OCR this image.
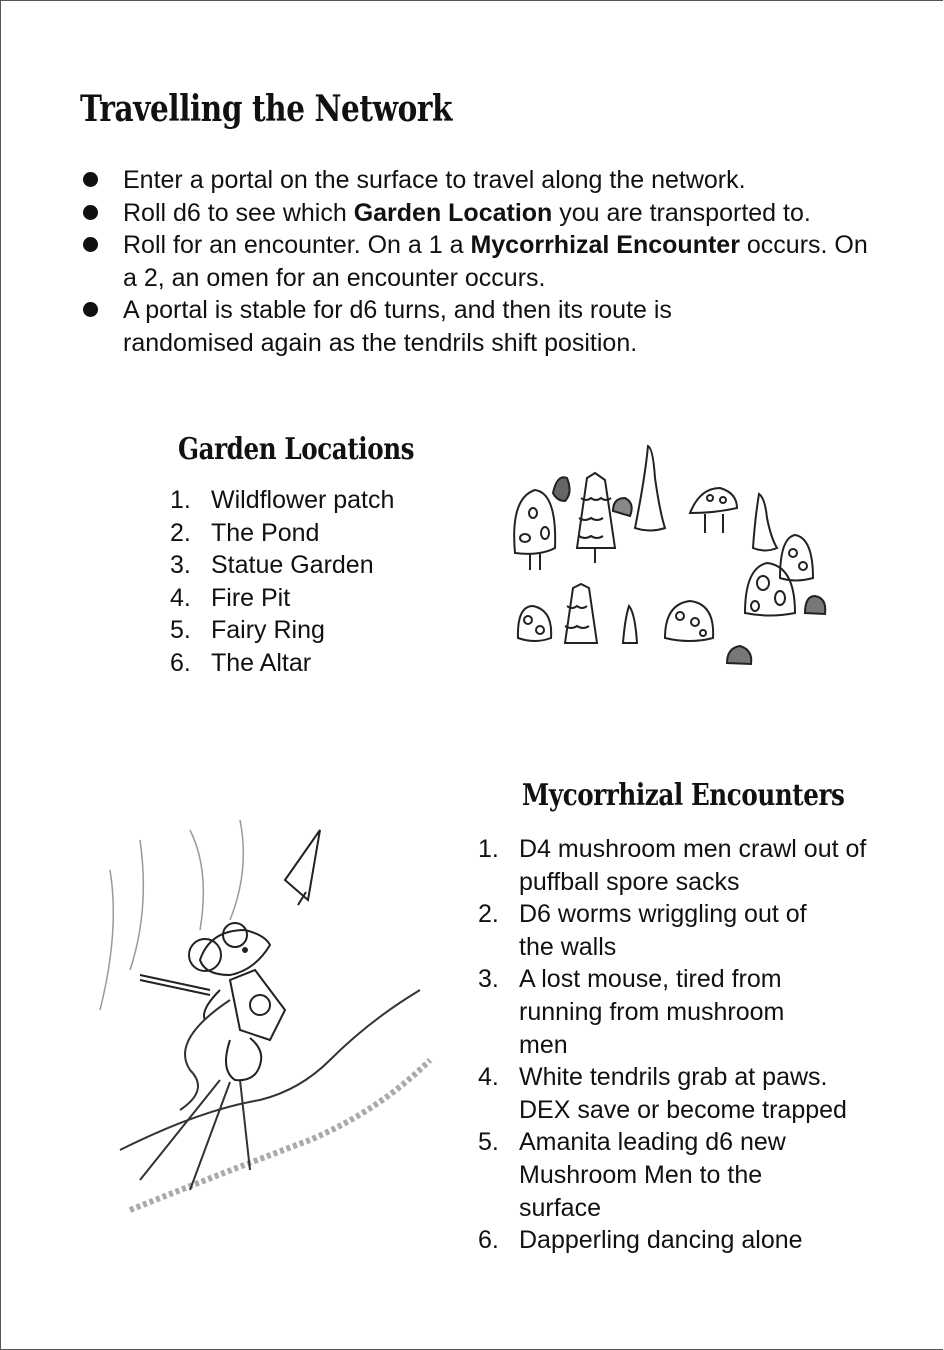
Travelling the Network
Enter a portal on the surface to travel along the network.
Roll d6 to see which Garden Location you are transported to.
Roll for an encounter. On a 1 a Mycorrhizal Encounter occurs. On a 2, an omen for an encounter occurs.
A portal is stable for d6 turns, and then its route is randomised again as the tendrils shift position.
Garden Locations
1. Wildflower patch
2. The Pond
3. Statue Garden
4. Fire Pit
5. Fairy Ring
6. The Altar
Mycorrhizal Encounters
1. D4 mushroom men crawl out of puffball spore sacks
2. D6 worms wriggling out of the walls
3. A lost mouse, tired from running from mushroom men
4. White tendrils grab at paws. DEX save or become trapped
5. Amanita leading d6 new Mushroom Men to the surface
6. Dapperling dancing alone
